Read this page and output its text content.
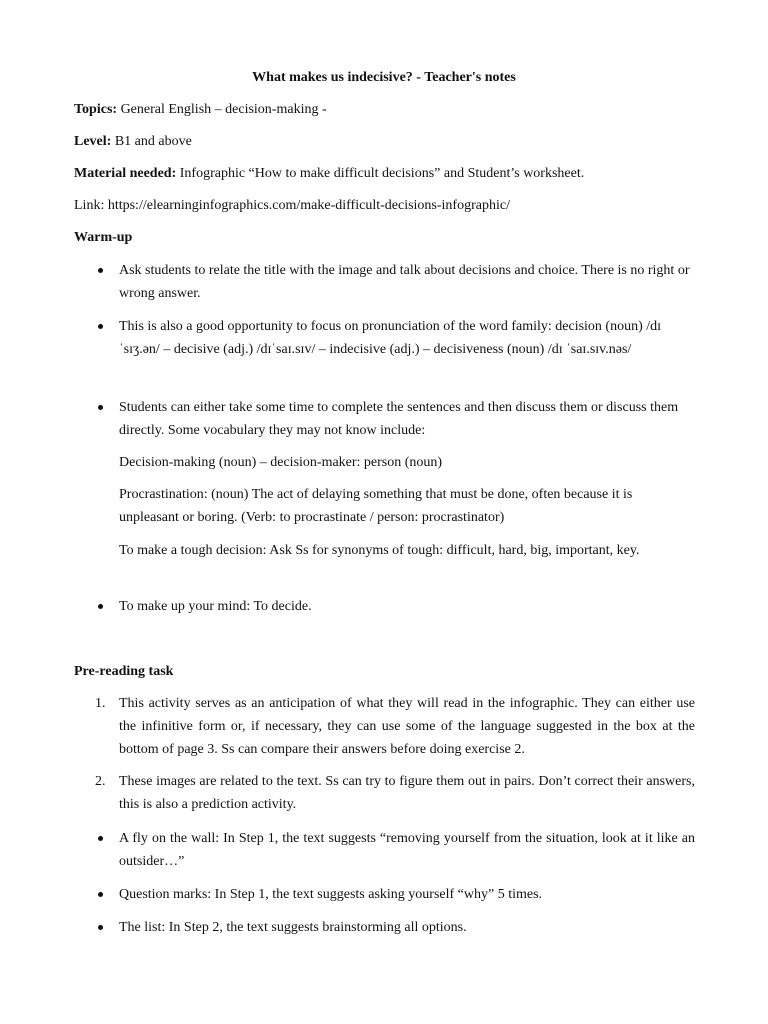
What makes us indecisive? - Teacher's notes
Topics: General English – decision-making -
Level: B1 and above
Material needed: Infographic “How to make difficult decisions” and Student’s worksheet.
Link: https://elearninginfographics.com/make-difficult-decisions-infographic/
Warm-up
Ask students to relate the title with the image and talk about decisions and choice. There is no right or wrong answer.
This is also a good opportunity to focus on pronunciation of the word family: decision (noun) /dɪˈsɪʒ.ən/ – decisive (adj.) /dɪˈsaɪ.sɪv/ – indecisive (adj.) – decisiveness (noun) /dɪ ˈsaɪ.sɪv.nəs/
Students can either take some time to complete the sentences and then discuss them or discuss them directly. Some vocabulary they may not know include:
Decision-making (noun) – decision-maker: person (noun)
Procrastination: (noun) The act of delaying something that must be done, often because it is unpleasant or boring. (Verb: to procrastinate / person: procrastinator)
To make a tough decision: Ask Ss for synonyms of tough: difficult, hard, big, important, key.
To make up your mind: To decide.
Pre-reading task
1. This activity serves as an anticipation of what they will read in the infographic. They can either use the infinitive form or, if necessary, they can use some of the language suggested in the box at the bottom of page 3. Ss can compare their answers before doing exercise 2.
2. These images are related to the text. Ss can try to figure them out in pairs. Don’t correct their answers, this is also a prediction activity.
A fly on the wall: In Step 1, the text suggests “removing yourself from the situation, look at it like an outsider…”
Question marks: In Step 1, the text suggests asking yourself “why” 5 times.
The list: In Step 2, the text suggests brainstorming all options.
